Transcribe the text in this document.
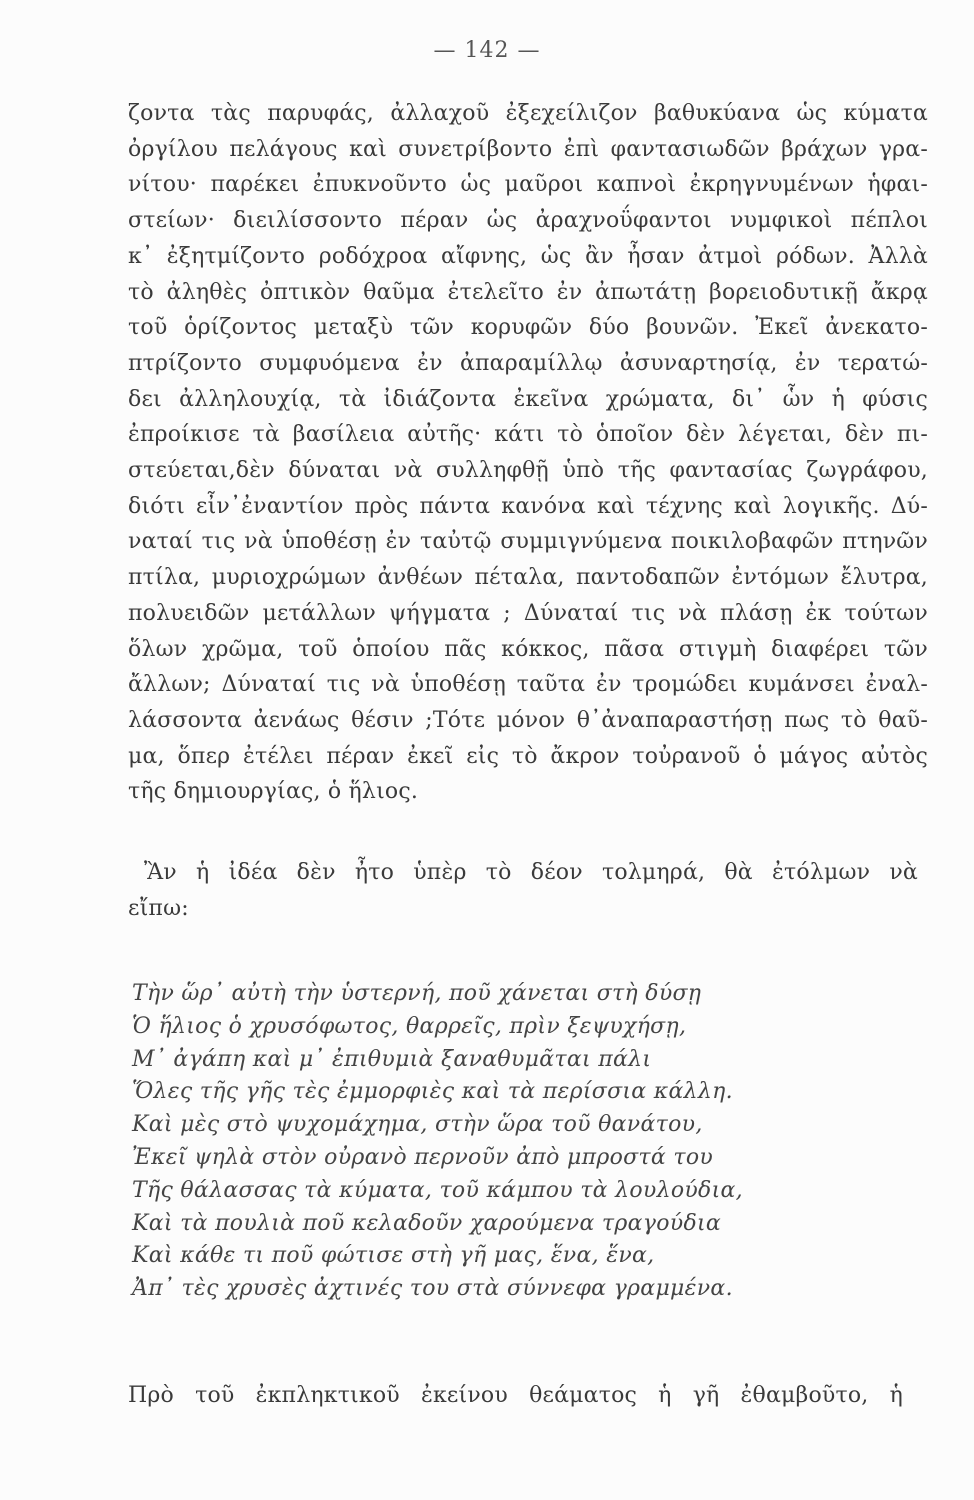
— 142 —
ζοντα τὰς παρυφάς, ἀλλαχοῦ ἐξεχείλιζον βαθυκύανα ὡς κύματα
ὀργίλου πελάγους καὶ συνετρίβοντο ἐπὶ φαντασιωδῶν βράχων γρα-
νίτου· παρέκει ἐπυκνοῦντο ὡς μαῦροι καπνοὶ ἐκρηγνυμένων ἡφαι-
στείων· διειλίσσοντο πέραν ὡς ἀραχνοΰφαντοι νυμφικοὶ πέπλοι
κ᾽ ἐξητμίζοντο ροδόχροα αἴφνης, ὡς ἂν ἦσαν ἀτμοὶ ρόδων. Ἀλλὰ
τὸ ἀληθὲς ὀπτικὸν θαῦμα ἐτελεῖτο ἐν ἀπωτάτῃ βορειοδυτικῇ ἄκρᾳ
τοῦ ὁρίζοντος μεταξὺ τῶν κορυφῶν δύο βουνῶν. Ἐκεῖ ἀνεκατο-
πτρίζοντο συμφυόμενα ἐν ἀπαραμίλλῳ ἀσυναρτησίᾳ, ἐν τερατώ-
δει ἀλληλουχίᾳ, τὰ ἰδιάζοντα ἐκεῖνα χρώματα, δι᾽ ὧν ἡ φύσις
ἐπροίκισε τὰ βασίλεια αὐτῆς· κάτι τὸ ὁποῖον δὲν λέγεται, δὲν πι-
στεύεται,δὲν δύναται νὰ συλληφθῇ ὑπὸ τῆς φαντασίας ζωγράφου,
διότι εἶν᾽ἐναντίον πρὸς πάντα κανόνα καὶ τέχνης καὶ λογικῆς. Δύ-
ναταί τις νὰ ὑποθέσῃ ἐν ταὐτῷ συμμιγνύμενα ποικιλοβαφῶν πτηνῶν
πτίλα, μυριοχρώμων ἀνθέων πέταλα, παντοδαπῶν ἐντόμων ἔλυτρα,
πολυειδῶν μετάλλων ψήγματα ; Δύναταί τις νὰ πλάσῃ ἐκ τούτων
ὅλων χρῶμα, τοῦ ὁποίου πᾶς κόκκος, πᾶσα στιγμὴ διαφέρει τῶν
ἄλλων; Δύναταί τις νὰ ὑποθέσῃ ταῦτα ἐν τρομώδει κυμάνσει ἐναλ-
λάσσοντα ἀενάως θέσιν ;Τότε μόνον θ᾽ἀναπαραστήσῃ πως τὸ θαῦ-
μα, ὅπερ ἐτέλει πέραν ἐκεῖ εἰς τὸ ἄκρον τοὐρανοῦ ὁ μάγος αὐτὸς
τῆς δημιουργίας, ὁ ἥλιος.
Ἂν ἡ ἰδέα δὲν ἦτο ὑπὲρ τὸ δέον τολμηρά, θὰ ἐτόλμων νὰ
εἴπω:
Τὴν ὥρ᾽ αὐτὴ τὴν ὑστερνή, ποῦ χάνεται στὴ δύσῃ
Ὁ ἥλιος ὁ χρυσόφωτος, θαρρεῖς, πρὶν ξεψυχήσῃ,
Μ᾽ ἀγάπη καὶ μ᾽ ἐπιθυμιὰ ξαναθυμᾶται πάλι
Ὅλες τῆς γῆς τὲς ἐμμορφιὲς καὶ τὰ περίσσια κάλλη.
Καὶ μὲς στὸ ψυχομάχημα, στὴν ὥρα τοῦ θανάτου,
Ἐκεῖ ψηλὰ στὸν οὐρανὸ περνοῦν ἀπὸ μπροστά του
Τῆς θάλασσας τὰ κύματα, τοῦ κάμπου τὰ λουλούδια,
Καὶ τὰ πουλιὰ ποῦ κελαδοῦν χαρούμενα τραγούδια
Καὶ κάθε τι ποῦ φώτισε στὴ γῆ μας, ἕνα, ἕνα,
Ἀπ᾽ τὲς χρυσὲς ἀχτινές του στὰ σύννεφα γραμμένα.
Πρὸ τοῦ ἐκπληκτικοῦ ἐκείνου θεάματος ἡ γῆ ἐθαμβοῦτο, ἡ
